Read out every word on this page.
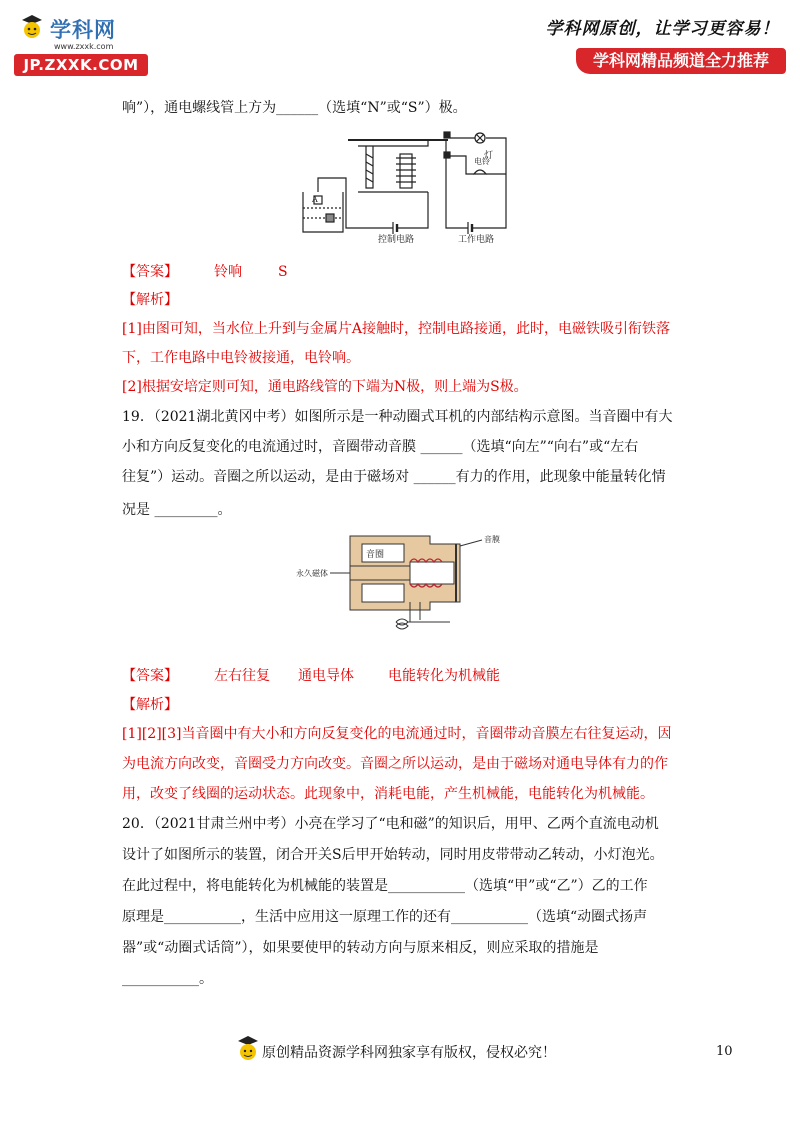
学科网
www.zxxk.com
JP.ZXXK.COM
学科网原创，让学习更容易！
学科网精品频道全力推荐
响”），通电螺线管上方为______（选填“N”或“S”）极。
A
灯
电铃
控制电路	工作电路
【答案】	铃响	S
【解析】
[1]由图可知，当水位上升到与金属片A接触时，控制电路接通，此时，电磁铁吸引衔铁落
下，工作电路中电铃被接通，电铃响。
[2]根据安培定则可知，通电路线管的下端为N极，则上端为S极。
19．（2021湖北黄冈中考）如图所示是一种动圈式耳机的内部结构示意图。当音圈中有大
小和方向反复变化的电流通过时，音圈带动音膜 ______（选填“向左”“向右”或“左右
往复”）运动。音圈之所以运动，是由于磁场对 ______有力的作用，此现象中能量转化情
况是 _________。
音圈
音膜
永久磁体
【答案】	左右往复 通电导体 电能转化为机械能
【解析】
[1][2][3]当音圈中有大小和方向反复变化的电流通过时，音圈带动音膜左右往复运动，因
为电流方向改变，音圈受力方向改变。音圈之所以运动，是由于磁场对通电导体有力的作
用，改变了线圈的运动状态。此现象中，消耗电能，产生机械能，电能转化为机械能。
20．（2021甘肃兰州中考）小亮在学习了“电和磁”的知识后，用甲、乙两个直流电动机
设计了如图所示的装置，闭合开关S后甲开始转动，同时用皮带带动乙转动，小灯泡光。
在此过程中，将电能转化为机械能的装置是___________（选填“甲”或“乙”）乙的工作
原理是___________，生活中应用这一原理工作的还有___________（选填“动圈式扬声
器”或“动圈式话筒”），如果要使甲的转动方向与原来相反，则应采取的措施是
___________。
原创精品资源学科网独家享有版权，侵权必究！	10
